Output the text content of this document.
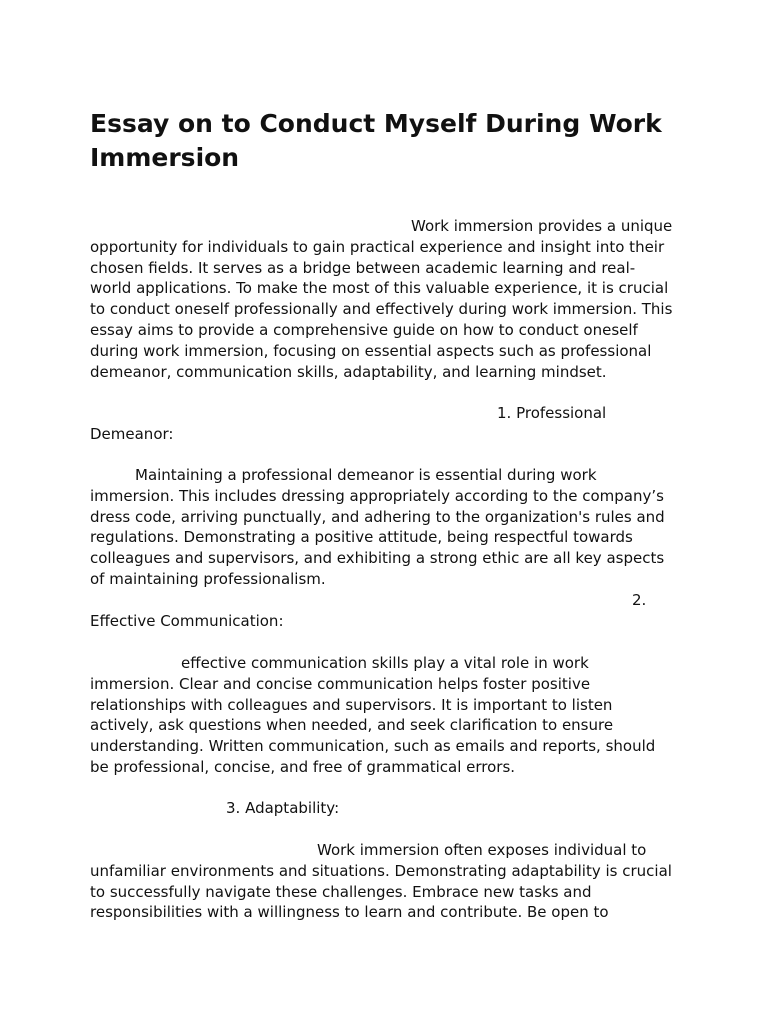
Essay on to Conduct Myself During Work Immersion

Work immersion provides a unique
opportunity for individuals to gain practical experience and insight into their
chosen fields. It serves as a bridge between academic learning and real-
world applications. To make the most of this valuable experience, it is crucial
to conduct oneself professionally and effectively during work immersion. This
essay aims to provide a comprehensive guide on how to conduct oneself
during work immersion, focusing on essential aspects such as professional
demeanor, communication skills, adaptability, and learning mindset.

1. Professional
Demeanor:

Maintaining a professional demeanor is essential during work
immersion. This includes dressing appropriately according to the company’s
dress code, arriving punctually, and adhering to the organization's rules and
regulations. Demonstrating a positive attitude, being respectful towards
colleagues and supervisors, and exhibiting a strong ethic are all key aspects
of maintaining professionalism.

2.
Effective Communication:

effective communication skills play a vital role in work
immersion. Clear and concise communication helps foster positive
relationships with colleagues and supervisors. It is important to listen
actively, ask questions when needed, and seek clarification to ensure
understanding. Written communication, such as emails and reports, should
be professional, concise, and free of grammatical errors.

3. Adaptability:

Work immersion often exposes individual to
unfamiliar environments and situations. Demonstrating adaptability is crucial
to successfully navigate these challenges. Embrace new tasks and
responsibilities with a willingness to learn and contribute. Be open to
